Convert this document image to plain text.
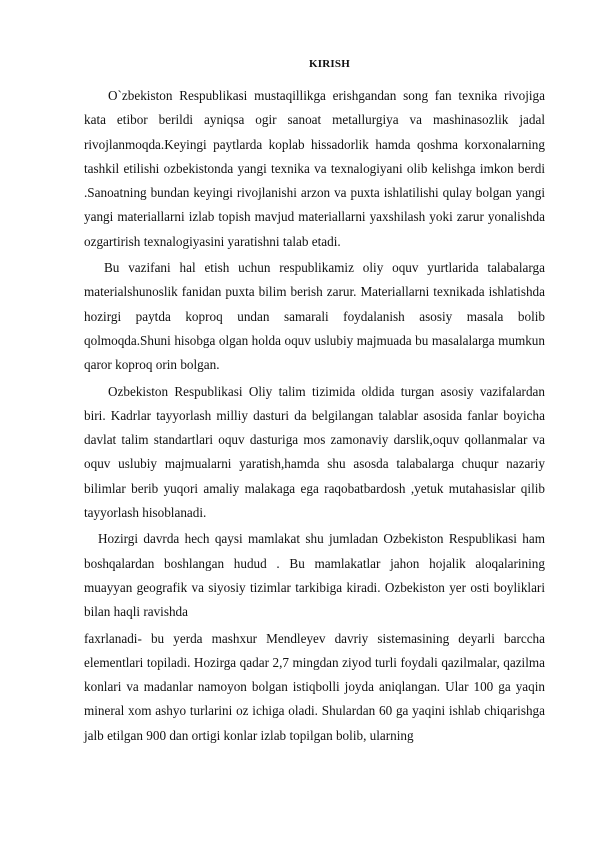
KIRISH

O`zbekiston Respublikasi mustaqillikga erishgandan song fan texnika rivojiga kata etibor berildi ayniqsa ogir sanoat metallurgiya va mashinasozlik jadal rivojlanmoqda.Keyingi paytlarda koplab hissadorlik hamda qoshma korxonalarning tashkil etilishi ozbekistonda yangi texnika va texnalogiyani olib kelishga imkon berdi .Sanoatning bundan keyingi rivojlanishi arzon va puxta ishlatilishi qulay bolgan yangi yangi materiallarni izlab topish mavjud materiallarni yaxshilash yoki zarur yonalishda ozgartirish texnalogiyasini yaratishni talab etadi.

Bu vazifani hal etish uchun respublikamiz oliy oquv yurtlarida talabalarga materialshunoslik fanidan puxta bilim berish zarur. Materiallarni texnikada ishlatishda hozirgi paytda koproq undan samarali foydalanish asosiy masala bolib qolmoqda.Shuni hisobga olgan holda oquv uslubiy majmuada bu masalalarga mumkun qaror koproq orin bolgan.

Ozbekiston Respublikasi Oliy talim tizimida oldida turgan asosiy vazifalardan biri. Kadrlar tayyorlash milliy dasturi da belgilangan talablar asosida fanlar boyicha davlat talim standartlari oquv dasturiga mos zamonaviy darslik,oquv qollanmalar va oquv uslubiy majmualarni yaratish,hamda shu asosda talabalarga chuqur nazariy bilimlar berib yuqori amaliy malakaga ega raqobatbardosh ,yetuk mutahasislar qilib tayyorlash hisoblanadi.

Hozirgi davrda hech qaysi mamlakat shu jumladan Ozbekiston Respublikasi ham boshqalardan boshlangan hudud . Bu mamlakatlar jahon hojalik aloqalarining muayyan geografik va siyosiy tizimlar tarkibiga kiradi. Ozbekiston yer osti boyliklari bilan haqli ravishda

faxrlanadi- bu yerda mashxur Mendleyev davriy sistemasining deyarli barccha elementlari topiladi. Hozirga qadar 2,7 mingdan ziyod turli foydali qazilmalar, qazilma konlari va madanlar namoyon bolgan istiqbolli joyda aniqlangan. Ular 100 ga yaqin mineral xom ashyo turlarini oz ichiga oladi. Shulardan 60 ga yaqini ishlab chiqarishga jalb etilgan 900 dan ortigi konlar izlab topilgan bolib, ularning
